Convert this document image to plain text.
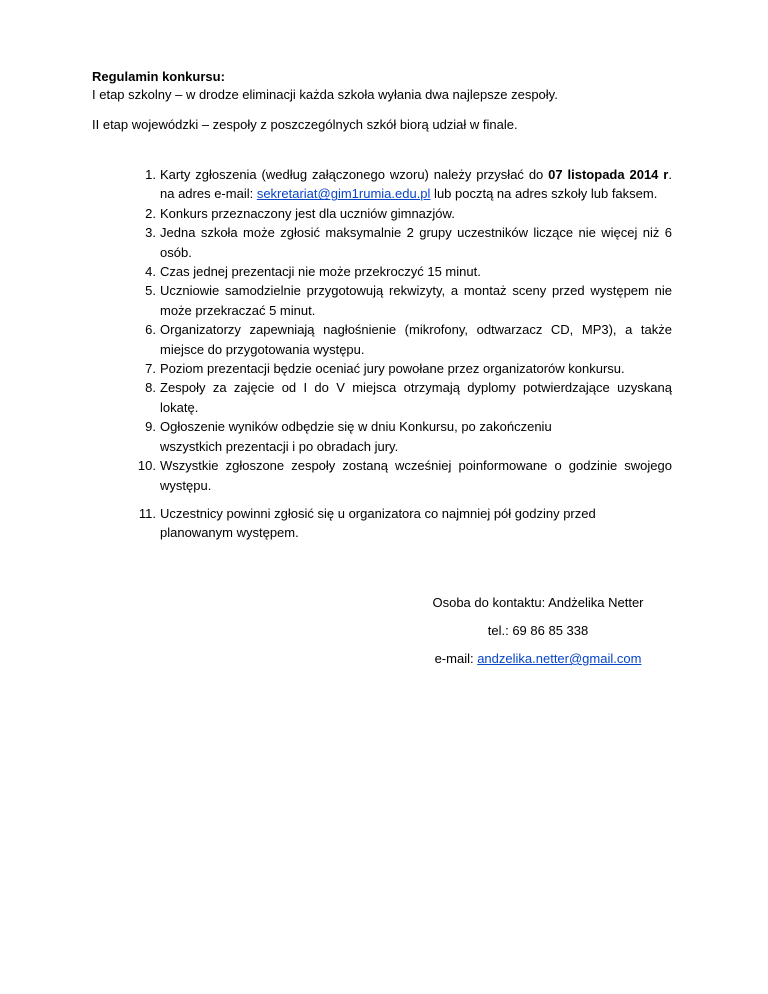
Regulamin konkursu:

I etap szkolny – w drodze eliminacji każda szkoła wyłania dwa najlepsze zespoły.

II etap wojewódzki – zespoły z poszczególnych szkół biorą udział w finale.

1. Karty zgłoszenia (według załączonego wzoru) należy przysłać do 07 listopada 2014 r. na adres e-mail: sekretariat@gim1rumia.edu.pl lub pocztą na adres szkoły lub faksem.
2. Konkurs przeznaczony jest dla uczniów gimnazjów.
3. Jedna szkoła może zgłosić maksymalnie 2 grupy uczestników liczące nie więcej niż 6 osób.
4. Czas jednej prezentacji nie może przekroczyć 15 minut.
5. Uczniowie samodzielnie przygotowują rekwizyty, a montaż sceny przed występem nie może przekraczać 5 minut.
6. Organizatorzy zapewniają nagłośnienie (mikrofony, odtwarzacz CD, MP3), a także miejsce do przygotowania występu.
7. Poziom prezentacji będzie oceniać jury powołane przez organizatorów konkursu.
8. Zespoły za zajęcie od I do V miejsca otrzymają dyplomy potwierdzające uzyskaną lokatę.
9. Ogłoszenie wyników odbędzie się w dniu Konkursu, po zakończeniu
wszystkich prezentacji i po obradach jury.
10. Wszystkie zgłoszone zespoły zostaną wcześniej poinformowane o godzinie swojego występu.
11. Uczestnicy powinni zgłosić się u organizatora co najmniej pół godziny przed
planowanym występem.
Osoba do kontaktu: Andżelika Netter
tel.: 69 86 85 338
e-mail: andzelika.netter@gmail.com
